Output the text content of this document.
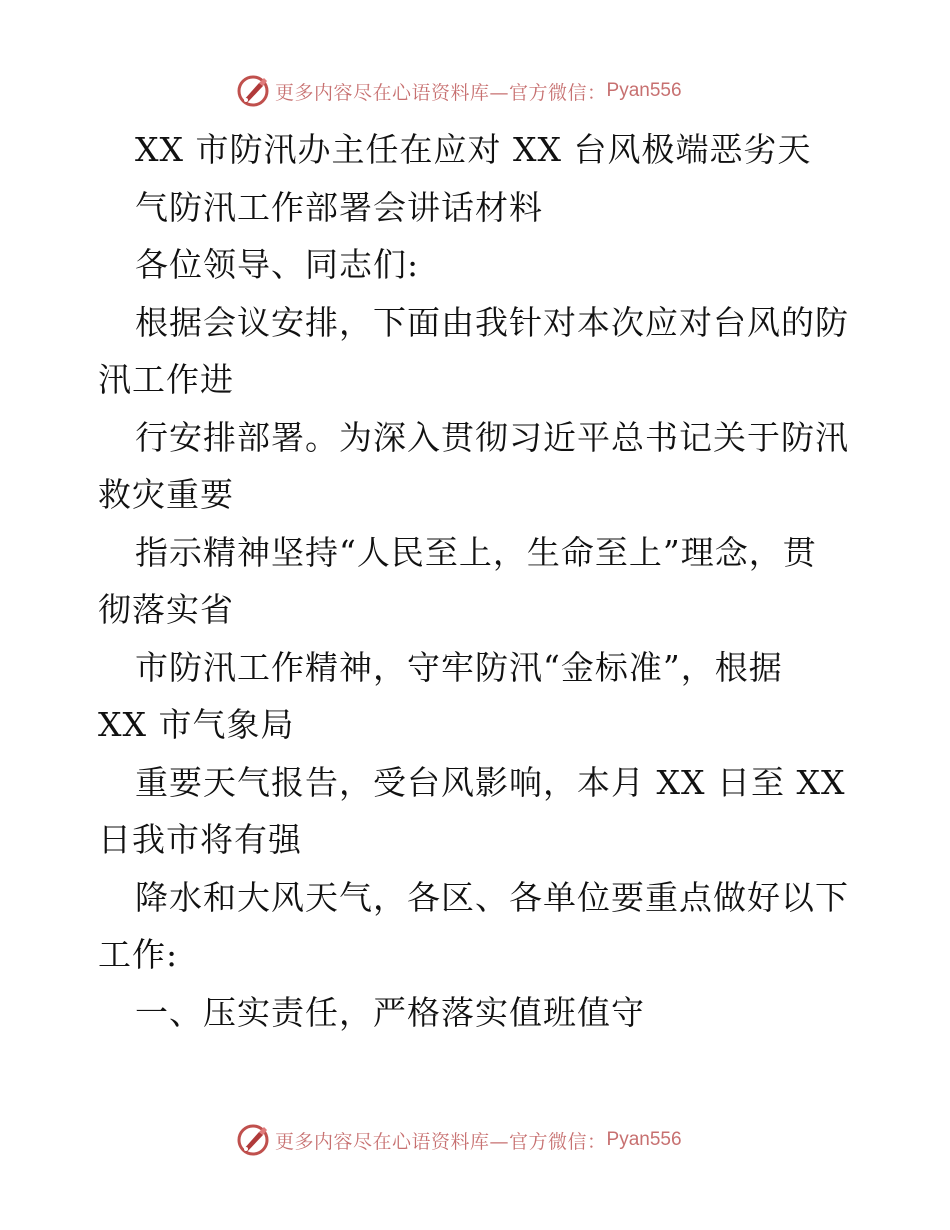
更多内容尽在心语资料库—官方微信： Pyan556
XX 市防汛办主任在应对 XX 台风极端恶劣天
气防汛工作部署会讲话材料
各位领导、同志们:
根据会议安排，下面由我针对本次应对台风的防
汛工作进
行安排部署。为深入贯彻习近平总书记关于防汛
救灾重要
指示精神坚持“人民至上，生命至上”理念，贯
彻落实省
市防汛工作精神，守牢防汛“金标准”，根据
XX 市气象局
重要天气报告，受台风影响，本月 XX 日至 XX
日我市将有强
降水和大风天气，各区、各单位要重点做好以下
工作:
一、压实责任，严格落实值班值守
更多内容尽在心语资料库—官方微信： Pyan556
